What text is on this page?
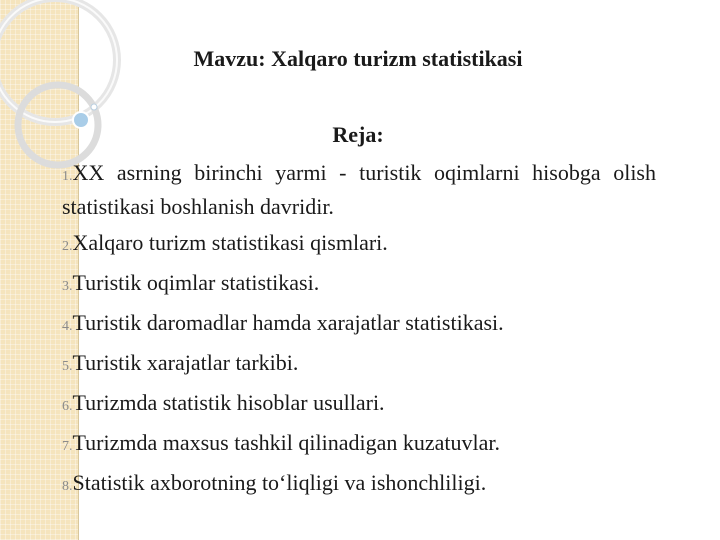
Mavzu: Xalqaro turizm statistikasi
Reja:
1.XX asrning birinchi yarmi - turistik oqimlarni hisobga olish statistikasi boshlanish davridir.
2.Xalqaro turizm statistikasi qismlari.
3.Turistik oqimlar statistikasi.
4.Turistik daromadlar hamda xarajatlar statistikasi.
5.Turistik xarajatlar tarkibi.
6.Turizmda statistik hisoblar usullari.
7.Turizmda maxsus tashkil qilinadigan kuzatuvlar.
8.Statistik axborotning to‘liqligi va ishonchliligi.
